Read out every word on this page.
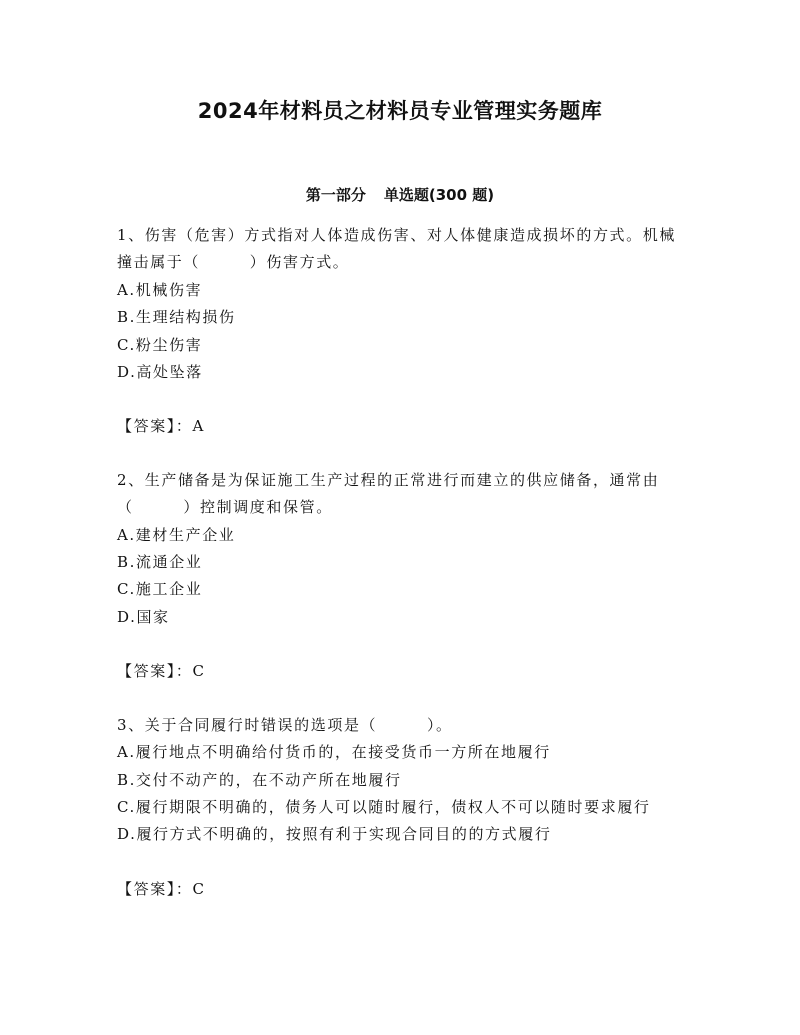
2024年材料员之材料员专业管理实务题库
第一部分 单选题(300 题)

1、伤害（危害）方式指对人体造成伤害、对人体健康造成损坏的方式。机械撞击属于（　　　）伤害方式。

A.机械伤害
B.生理结构损伤
C.粉尘伤害
D.高处坠落

【答案】：A

2、生产储备是为保证施工生产过程的正常进行而建立的供应储备，通常由（　　　）控制调度和保管。

A.建材生产企业
B.流通企业
C.施工企业
D.国家

【答案】：C

3、关于合同履行时错误的选项是（　　　）。

A.履行地点不明确给付货币的，在接受货币一方所在地履行
B.交付不动产的，在不动产所在地履行
C.履行期限不明确的，债务人可以随时履行，债权人不可以随时要求履行
D.履行方式不明确的，按照有利于实现合同目的的方式履行

【答案】：C
